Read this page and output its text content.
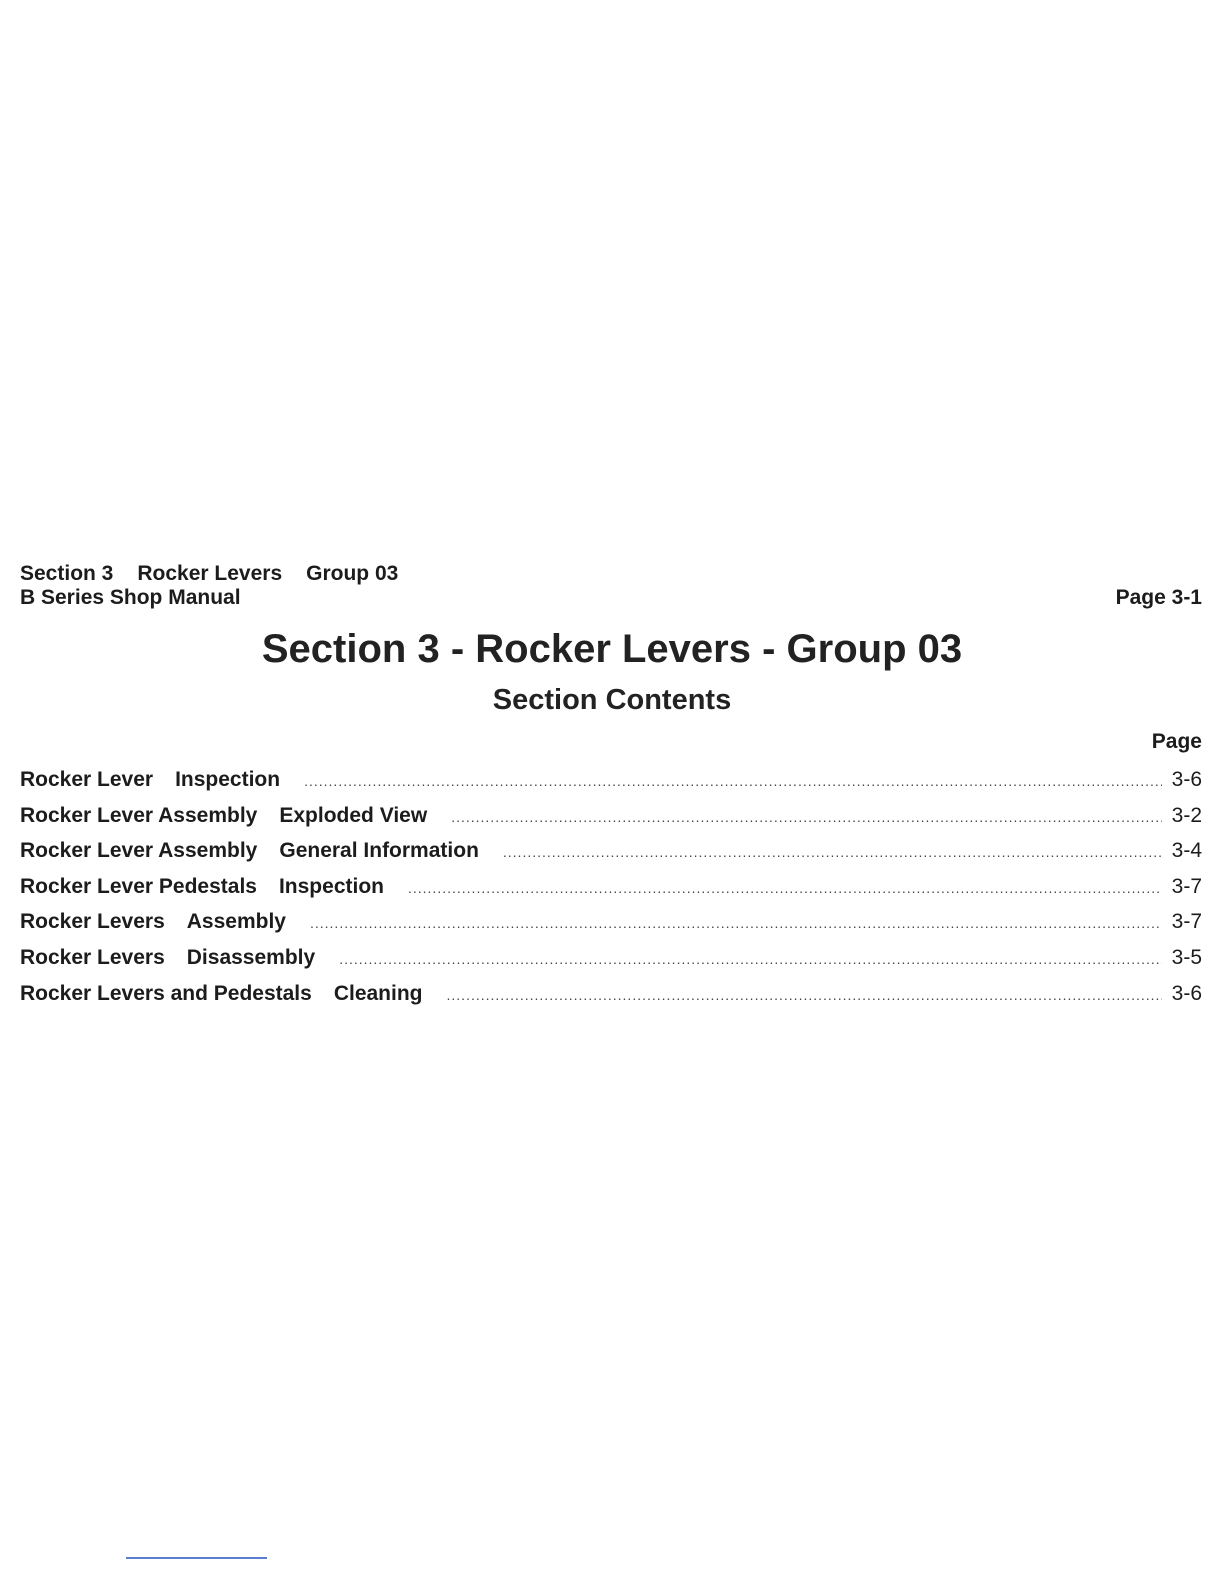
Section 3 Rocker Levers Group 03
B Series Shop Manual	Page 3-1
Section 3 - Rocker Levers - Group 03
Section Contents
Page
Rocker Lever Inspection .....	3-6
Rocker Lever Assembly Exploded View .....	3-2
Rocker Lever Assembly General Information .....	3-4
Rocker Lever Pedestals Inspection .....	3-7
Rocker Levers Assembly .....	3-7
Rocker Levers Disassembly .....	3-5
Rocker Levers and Pedestals Cleaning .....	3-6
